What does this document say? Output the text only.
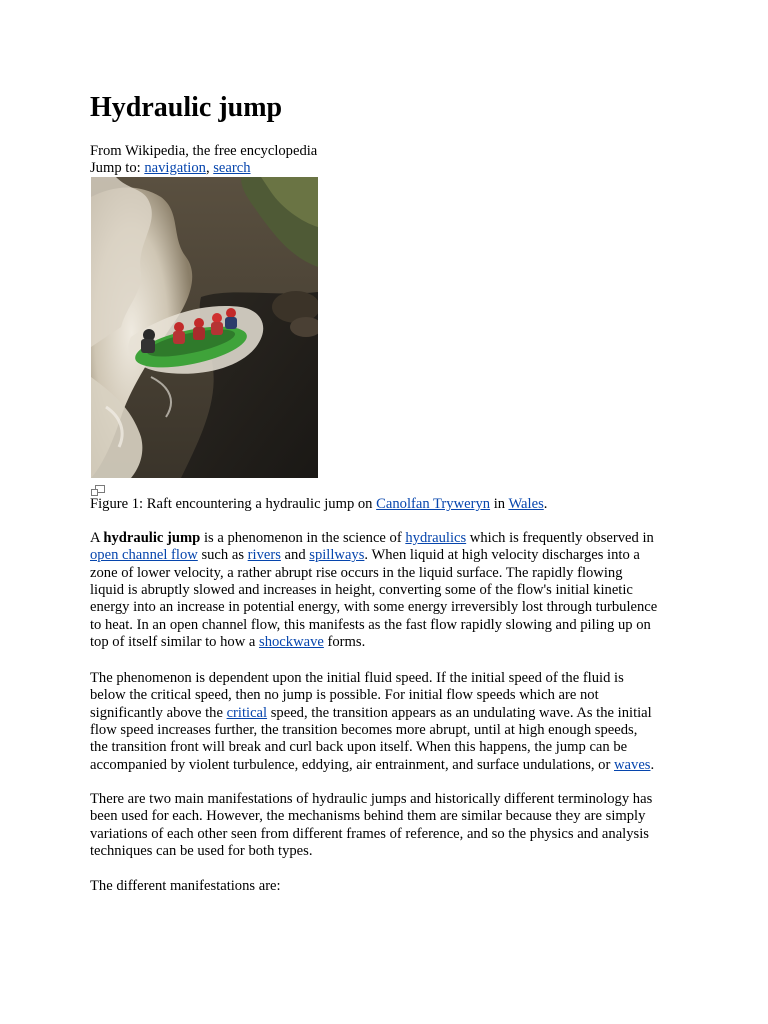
Hydraulic jump
From Wikipedia, the free encyclopedia
Jump to: navigation, search
Figure 1: Raft encountering a hydraulic jump on Canolfan Tryweryn in Wales.
A hydraulic jump is a phenomenon in the science of hydraulics which is frequently observed in
open channel flow such as rivers and spillways. When liquid at high velocity discharges into a
zone of lower velocity, a rather abrupt rise occurs in the liquid surface. The rapidly flowing
liquid is abruptly slowed and increases in height, converting some of the flow's initial kinetic
energy into an increase in potential energy, with some energy irreversibly lost through turbulence
to heat. In an open channel flow, this manifests as the fast flow rapidly slowing and piling up on
top of itself similar to how a shockwave forms.
The phenomenon is dependent upon the initial fluid speed. If the initial speed of the fluid is
below the critical speed, then no jump is possible. For initial flow speeds which are not
significantly above the critical speed, the transition appears as an undulating wave. As the initial
flow speed increases further, the transition becomes more abrupt, until at high enough speeds,
the transition front will break and curl back upon itself. When this happens, the jump can be
accompanied by violent turbulence, eddying, air entrainment, and surface undulations, or waves.
There are two main manifestations of hydraulic jumps and historically different terminology has
been used for each. However, the mechanisms behind them are similar because they are simply
variations of each other seen from different frames of reference, and so the physics and analysis
techniques can be used for both types.
The different manifestations are:
